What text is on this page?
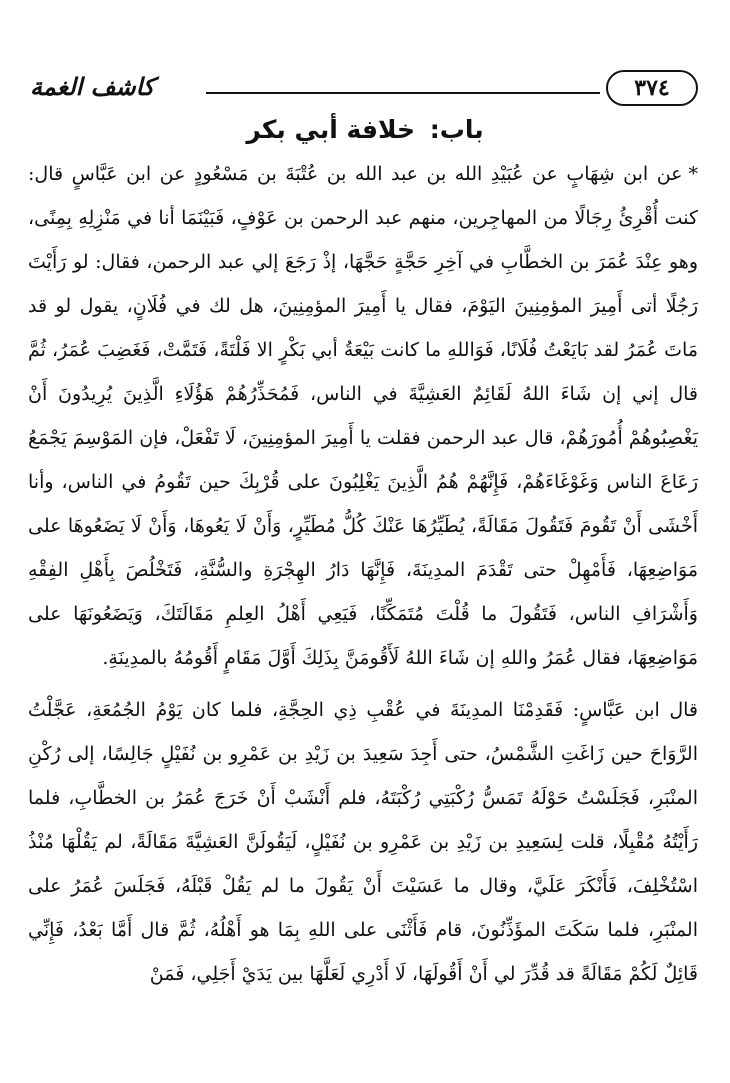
كاشف الغمة	٣٧٤
باب: خلافة أبي بكر

*عن ابن شِهَابٍ عن عُبَيْدِ الله بن عبد الله بن عُتْبَةَ بن مَسْعُودٍ عن ابن عَبَّاسٍ قال: كنت أُقْرِئُ رِجَالًا من المهاجِرين، منهم عبد الرحمن بن عَوْفٍ، فَبَيْنَمَا أنا في مَنْزِلِهِ بِمِنًى، وهو عِنْدَ عُمَرَ بن الخطَّابِ في آخِرِ حَجَّةٍ حَجَّهَا، إذْ رَجَعَ إلي عبد الرحمن، فقال: لو رَأَيْتَ رَجُلًا أتى أَمِيرَ المؤمِنِينَ اليَوْمَ، فقال يا أَمِيرَ المؤمِنِينَ، هل لك في فُلَانٍ، يقول لو قد مَاتَ عُمَرُ لقد بَايَعْتُ فُلَانًا، فَوَاللهِ ما كانت بَيْعَةُ أبي بَكْرٍ الا فَلْتَةً، فَتَمَّتْ، فَغَضِبَ عُمَرُ، ثُمَّ قال إني إن شَاءَ اللهُ لَقَائِمٌ العَشِيَّةَ في الناس، فَمُحَذِّرُهُمْ هَؤُلَاءِ الَّذِينَ يُرِيدُونَ أَنْ يَغْصِبُوهُمْ أُمُورَهُمْ، قال عبد الرحمن فقلت يا أَمِيرَ المؤمِنِينَ، لَا تَفْعَلْ، فإن المَوْسِمَ يَجْمَعُ رَعَاعَ الناس وَغَوْغَاءَهُمْ، فَإِنَّهُمْ هُمُ الَّذِينَ يَغْلِبُونَ على قُرْبِكَ حين تَقُومُ في الناس، وأنا أَخْشَى أَنْ تَقُومَ فَتَقُولَ مَقَالَةً، يُطَيِّرُهَا عَنْكَ كُلُّ مُطَيِّرٍ، وَأَنْ لَا يَعُوهَا، وَأَنْ لَا يَضَعُوهَا على مَوَاضِعِهَا، فَأَمْهِلْ حتى تَقْدَمَ المدِينَةَ، فَإِنَّهَا دَارُ الهِجْرَةِ والسُّنَّةِ، فَتَخْلُصَ بِأَهْلِ الفِقْهِ وَأَشْرَافِ الناس، فَتَقُولَ ما قُلْتَ مُتَمَكِّنًا، فَيَعِي أَهْلُ العِلمِ مَقَالَتَكَ، وَيَضَعُونَهَا على مَوَاضِعِهَا، فقال عُمَرُ واللهِ إن شَاءَ اللهُ لَأَقُومَنَّ بِذَلِكَ أَوَّلَ مَقَامٍ أَقُومُهُ بالمدِينَةِ.

قال ابن عَبَّاسٍ: فَقَدِمْنَا المدِينَةَ في عُقْبِ ذِي الحِجَّةِ، فلما كان يَوْمُ الجُمُعَةِ، عَجَّلْتُ الرَّوَاحَ حين زَاغَتِ الشَّمْسُ، حتى أَجِدَ سَعِيدَ بن زَيْدِ بن عَمْرِو بن نُفَيْلٍ جَالِسًا، إلى رُكْنِ المنْبَرِ، فَجَلَسْتُ حَوْلَهُ تَمَسُّ رُكْبَتِي رُكْبَتَهُ، فلم أَنْشَبْ أَنْ خَرَجَ عُمَرُ بن الخطَّابِ، فلما رَأَيْتُهُ مُقْبِلًا، قلت لِسَعِيدِ بن زَيْدِ بن عَمْرِو بن نُفَيْلٍ، لَيَقُولَنَّ العَشِيَّةَ مَقَالَةً، لم يَقُلْهَا مُنْذُ اسْتُخْلِفَ، فَأَنْكَرَ عَلَيَّ، وقال ما عَسَيْتَ أَنْ يَقُولَ ما لم يَقُلْ قَبْلَهُ، فَجَلَسَ عُمَرُ على المنْبَرِ، فلما سَكَتَ المؤَذِّنُونَ، قام فَأَثْنَى على اللهِ بِمَا هو أَهْلُهُ، ثُمَّ قال أَمَّا بَعْدُ، فَإِنِّي قَائِلٌ لَكُمْ مَقَالَةً قد قُدِّرَ لي أَنْ أَقُولَهَا، لَا أَدْرِي لَعَلَّهَا بين يَدَيْ أَجَلِي، فَمَنْ
